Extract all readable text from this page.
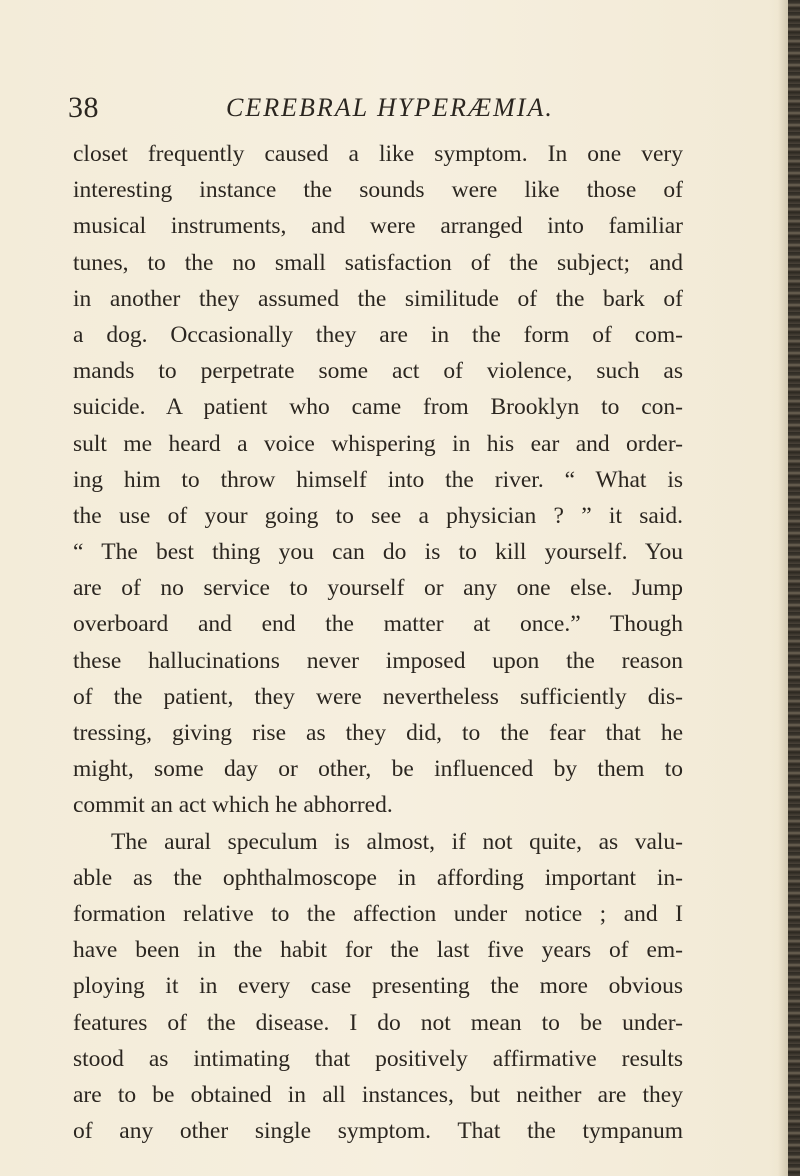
38	CEREBRAL HYPERÆMIA.
closet frequently caused a like symptom. In one very
interesting instance the sounds were like those of
musical instruments, and were arranged into familiar
tunes, to the no small satisfaction of the subject; and
in another they assumed the similitude of the bark of
a dog. Occasionally they are in the form of com-
mands to perpetrate some act of violence, such as
suicide. A patient who came from Brooklyn to con-
sult me heard a voice whispering in his ear and order-
ing him to throw himself into the river. “ What is
the use of your going to see a physician ? ” it said.
“ The best thing you can do is to kill yourself. You
are of no service to yourself or any one else. Jump
overboard and end the matter at once.” Though
these hallucinations never imposed upon the reason
of the patient, they were nevertheless sufficiently dis-
tressing, giving rise as they did, to the fear that he
might, some day or other, be influenced by them to
commit an act which he abhorred.
The aural speculum is almost, if not quite, as valu-
able as the ophthalmoscope in affording important in-
formation relative to the affection under notice ; and I
have been in the habit for the last five years of em-
ploying it in every case presenting the more obvious
features of the disease. I do not mean to be under-
stood as intimating that positively affirmative results
are to be obtained in all instances, but neither are they
of any other single symptom. That the tympanum
